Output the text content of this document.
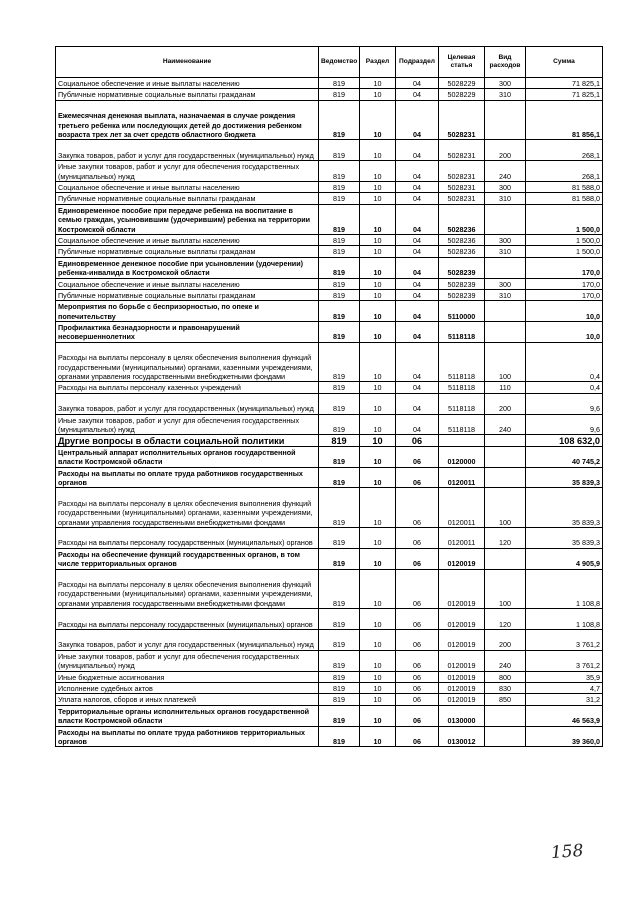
Наименование	Ведомство	Раздел	Подраздел	Целевая статья	Вид расходов	Сумма
Социальное обеспечение и иные выплаты населению	819	10	04	5028229	300	71 825,1
Публичные нормативные социальные выплаты гражданам	819	10	04	5028229	310	71 825,1
Ежемесячная денежная выплата, назначаемая в случае рождения третьего ребенка или последующих детей до достижения ребенком возраста трех лет за счет средств областного бюджета	819	10	04	5028231		81 856,1
Закупка товаров, работ и услуг для государственных (муниципальных) нужд	819	10	04	5028231	200	268,1
Иные закупки товаров, работ и услуг для обеспечения государственных (муниципальных) нужд	819	10	04	5028231	240	268,1
Социальное обеспечение и иные выплаты населению	819	10	04	5028231	300	81 588,0
Публичные нормативные социальные выплаты гражданам	819	10	04	5028231	310	81 588,0
Единовременное пособие при передаче ребенка на воспитание в семью граждан, усыновившим (удочерившим) ребенка на территории Костромской области	819	10	04	5028236		1 500,0
Социальное обеспечение и иные выплаты населению	819	10	04	5028236	300	1 500,0
Публичные нормативные социальные выплаты гражданам	819	10	04	5028236	310	1 500,0
Единовременное денежное пособие при усыновлении (удочерении) ребенка-инвалида в Костромской области	819	10	04	5028239		170,0
Социальное обеспечение и иные выплаты населению	819	10	04	5028239	300	170,0
Публичные нормативные социальные выплаты гражданам	819	10	04	5028239	310	170,0
Мероприятия по борьбе с беспризорностью, по опеке и попечительству	819	10	04	5110000		10,0
Профилактика безнадзорности и правонарушений несовершеннолетних	819	10	04	5118118		10,0
Расходы на выплаты персоналу в целях обеспечения выполнения функций государственными (муниципальными) органами, казенными учреждениями, органами управления государственными внебюджетными фондами	819	10	04	5118118	100	0,4
Расходы на выплаты персоналу казенных учреждений	819	10	04	5118118	110	0,4
Закупка товаров, работ и услуг для государственных (муниципальных) нужд	819	10	04	5118118	200	9,6
Иные закупки товаров, работ и услуг для обеспечения государственных (муниципальных) нужд	819	10	04	5118118	240	9,6
Другие вопросы в области социальной политики	819	10	06			108 632,0
Центральный аппарат исполнительных органов государственной власти Костромской области	819	10	06	0120000		40 745,2
Расходы на выплаты по оплате труда работников государственных органов	819	10	06	0120011		35 839,3
Расходы на выплаты персоналу в целях обеспечения выполнения функций государственными (муниципальными) органами, казенными учреждениями, органами управления государственными внебюджетными фондами	819	10	06	0120011	100	35 839,3
Расходы на выплаты персоналу государственных (муниципальных) органов	819	10	06	0120011	120	35 839,3
Расходы на обеспечение функций государственных органов, в том числе территориальных органов	819	10	06	0120019		4 905,9
Расходы на выплаты персоналу в целях обеспечения выполнения функций государственными (муниципальными) органами, казенными учреждениями, органами управления государственными внебюджетными фондами	819	10	06	0120019	100	1 108,8
Расходы на выплаты персоналу государственных (муниципальных) органов	819	10	06	0120019	120	1 108,8
Закупка товаров, работ и услуг для государственных (муниципальных) нужд	819	10	06	0120019	200	3 761,2
Иные закупки товаров, работ и услуг для обеспечения государственных (муниципальных) нужд	819	10	06	0120019	240	3 761,2
Иные бюджетные ассигнования	819	10	06	0120019	800	35,9
Исполнение судебных актов	819	10	06	0120019	830	4,7
Уплата налогов, сборов и иных платежей	819	10	06	0120019	850	31,2
Территориальные органы исполнительных органов государственной власти Костромской области	819	10	06	0130000		46 563,9
Расходы на выплаты по оплате труда работников территориальных органов	819	10	06	0130012		39 360,0
158
